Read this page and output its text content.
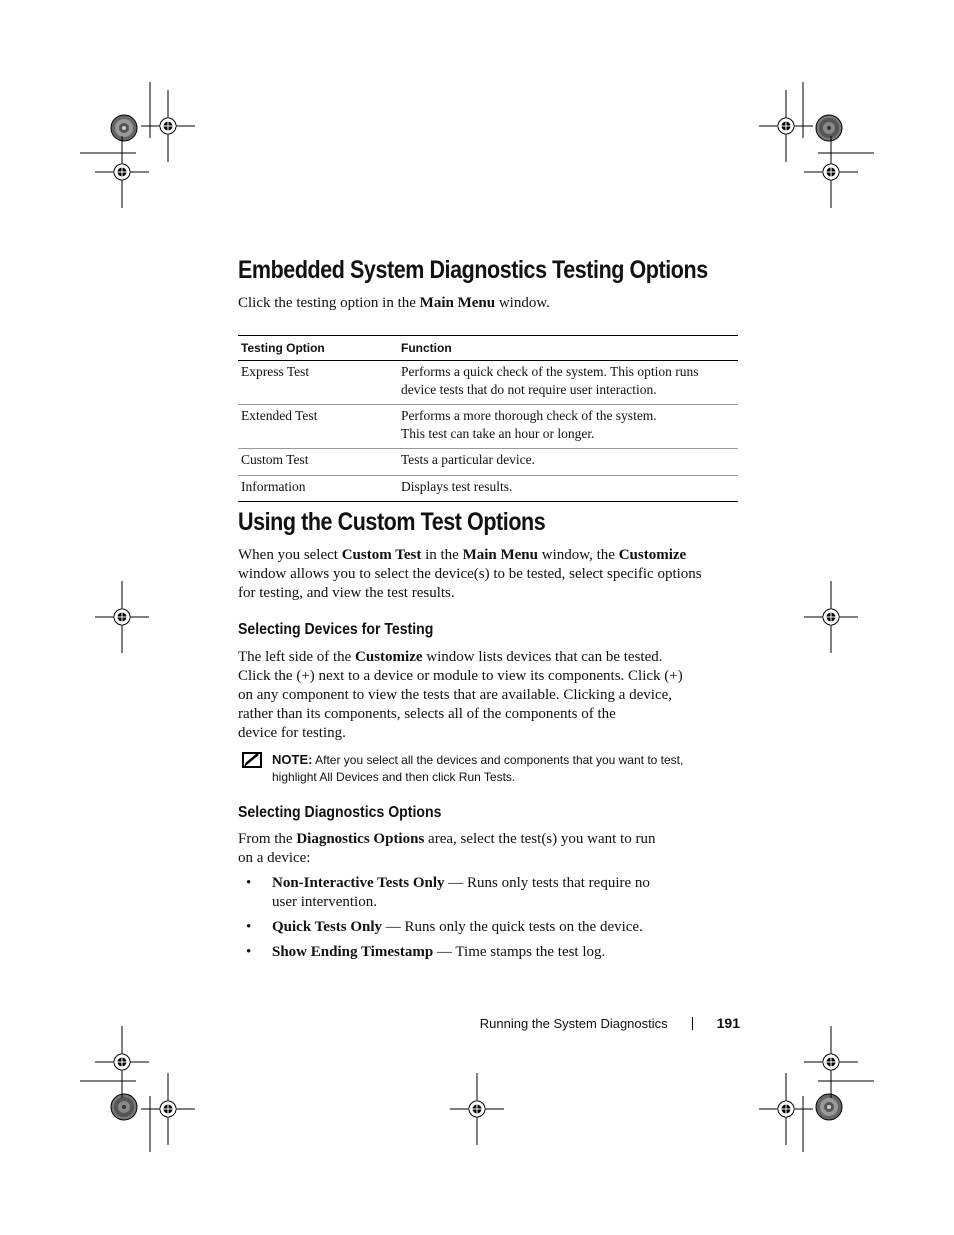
Embedded System Diagnostics Testing Options

Click the testing option in the Main Menu window.

Testing Option	Function
Express Test	Performs a quick check of the system. This option runs
device tests that do not require user interaction.
Extended Test	Performs a more thorough check of the system.
This test can take an hour or longer.
Custom Test	Tests a particular device.
Information	Displays test results.
Using the Custom Test Options

When you select Custom Test in the Main Menu window, the Customize
window allows you to select the device(s) to be tested, select specific options
for testing, and view the test results.

Selecting Devices for Testing

The left side of the Customize window lists devices that can be tested.
Click the (+) next to a device or module to view its components. Click (+)
on any component to view the tests that are available. Clicking a device,
rather than its components, selects all of the components of the
device for testing.

NOTE: After you select all the devices and components that you want to test,
highlight All Devices and then click Run Tests.
Selecting Diagnostics Options

From the Diagnostics Options area, select the test(s) you want to run
on a device:

• Non-Interactive Tests Only — Runs only tests that require no
user intervention.
• Quick Tests Only — Runs only the quick tests on the device.
• Show Ending Timestamp — Time stamps the test log.
Running the System Diagnostics	191
